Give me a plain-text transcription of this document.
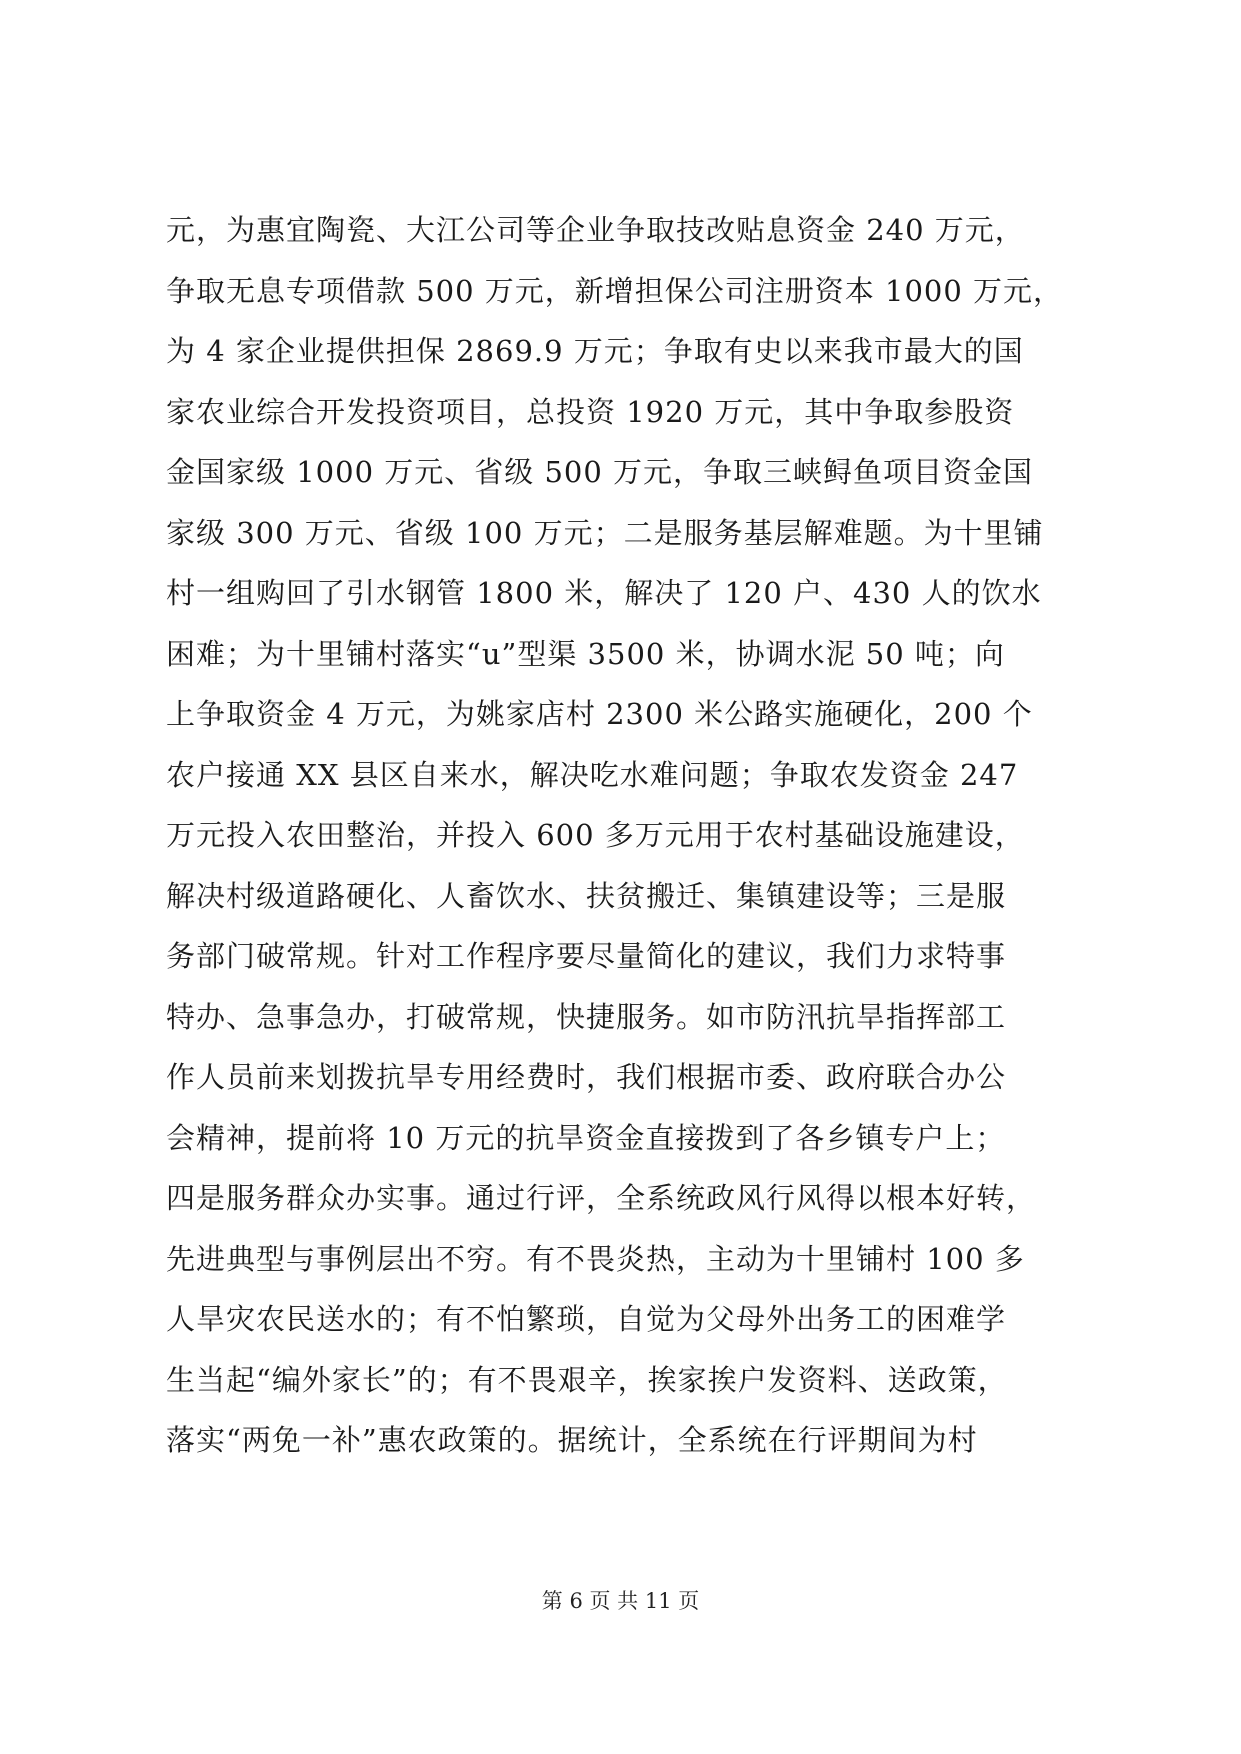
元，为惠宜陶瓷、大江公司等企业争取技改贴息资金 240 万元，
争取无息专项借款 500 万元，新增担保公司注册资本 1000 万元，
为 4 家企业提供担保 2869.9 万元；争取有史以来我市最大的国
家农业综合开发投资项目，总投资 1920 万元，其中争取参股资
金国家级 1000 万元、省级 500 万元，争取三峡鲟鱼项目资金国
家级 300 万元、省级 100 万元；二是服务基层解难题。为十里铺
村一组购回了引水钢管 1800 米，解决了 120 户、430 人的饮水
困难；为十里铺村落实“u”型渠 3500 米，协调水泥 50 吨；向
上争取资金 4 万元，为姚家店村 2300 米公路实施硬化，200 个
农户接通 XX 县区自来水，解决吃水难问题；争取农发资金 247
万元投入农田整治，并投入 600 多万元用于农村基础设施建设，
解决村级道路硬化、人畜饮水、扶贫搬迁、集镇建设等；三是服
务部门破常规。针对工作程序要尽量简化的建议，我们力求特事
特办、急事急办，打破常规，快捷服务。如市防汛抗旱指挥部工
作人员前来划拨抗旱专用经费时，我们根据市委、政府联合办公
会精神，提前将 10 万元的抗旱资金直接拨到了各乡镇专户上；
四是服务群众办实事。通过行评，全系统政风行风得以根本好转，
先进典型与事例层出不穷。有不畏炎热，主动为十里铺村 100 多
人旱灾农民送水的；有不怕繁琐，自觉为父母外出务工的困难学
生当起“编外家长”的；有不畏艰辛，挨家挨户发资料、送政策，
落实“两免一补”惠农政策的。据统计，全系统在行评期间为村
第 6 页 共 11 页
